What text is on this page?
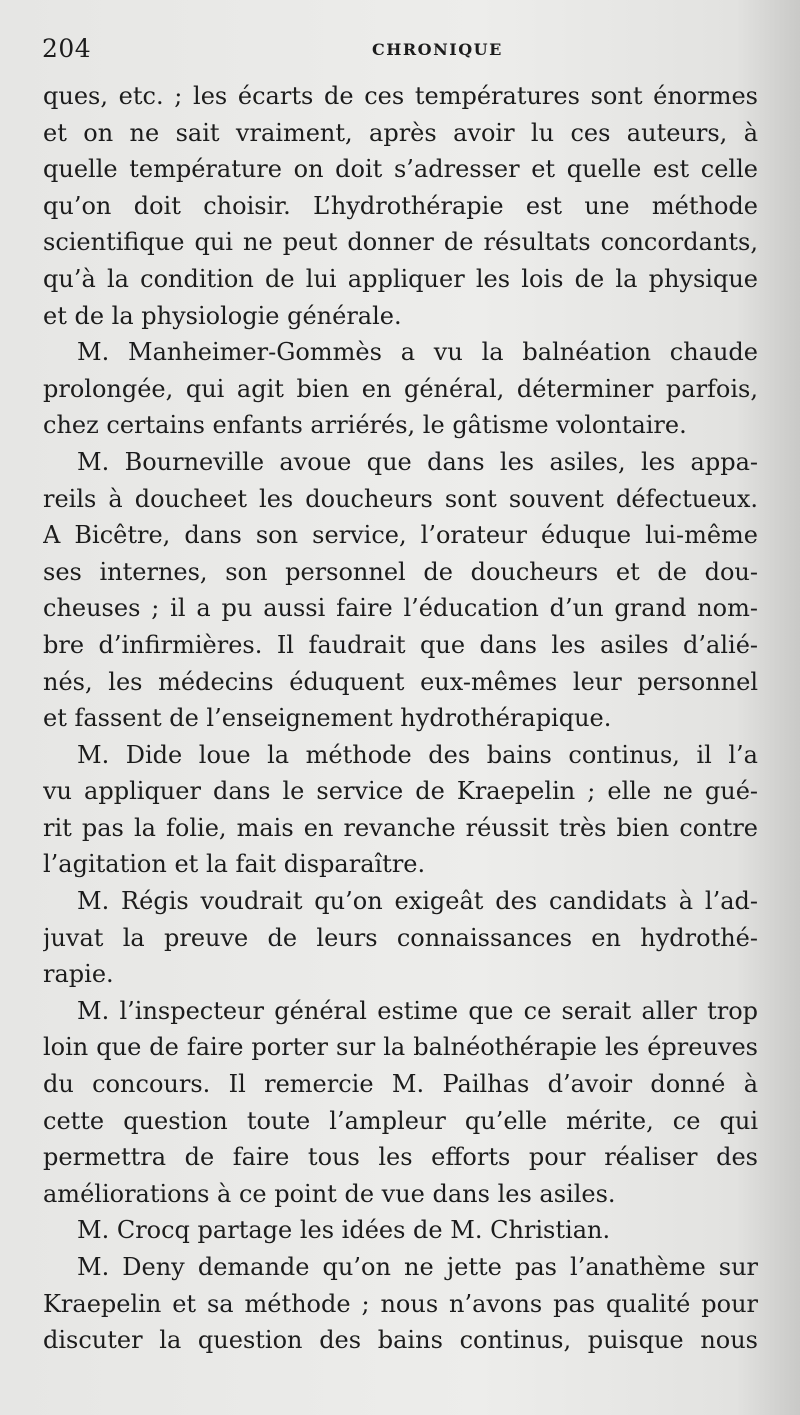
204	CHRONIQUE
ques, etc. ; les écarts de ces températures sont énormes
et on ne sait vraiment, après avoir lu ces auteurs, à
quelle température on doit s’adresser et quelle est celle
qu’on doit choisir. L’hydrothérapie est une méthode
scientifique qui ne peut donner de résultats concordants,
qu’à la condition de lui appliquer les lois de la physique
et de la physiologie générale.
M. Manheimer-Gommès a vu la balnéation chaude
prolongée, qui agit bien en général, déterminer parfois,
chez certains enfants arriérés, le gâtisme volontaire.
M. Bourneville avoue que dans les asiles, les appa-
reils à doucheet les doucheurs sont souvent défectueux.
A Bicêtre, dans son service, l’orateur éduque lui-même
ses internes, son personnel de doucheurs et de dou-
cheuses ; il a pu aussi faire l’éducation d’un grand nom-
bre d’infirmières. Il faudrait que dans les asiles d’alié-
nés, les médecins éduquent eux-mêmes leur personnel
et fassent de l’enseignement hydrothérapique.
M. Dide loue la méthode des bains continus, il l’a
vu appliquer dans le service de Kraepelin ; elle ne gué-
rit pas la folie, mais en revanche réussit très bien contre
l’agitation et la fait disparaître.
M. Régis voudrait qu’on exigeât des candidats à l’ad-
juvat la preuve de leurs connaissances en hydrothé-
rapie.
M. l’inspecteur général estime que ce serait aller trop
loin que de faire porter sur la balnéothérapie les épreuves
du concours. Il remercie M. Pailhas d’avoir donné à
cette question toute l’ampleur qu’elle mérite, ce qui
permettra de faire tous les efforts pour réaliser des
améliorations à ce point de vue dans les asiles.
M. Crocq partage les idées de M. Christian.
M. Deny demande qu’on ne jette pas l’anathème sur
Kraepelin et sa méthode ; nous n’avons pas qualité pour
discuter la question des bains continus, puisque nous
